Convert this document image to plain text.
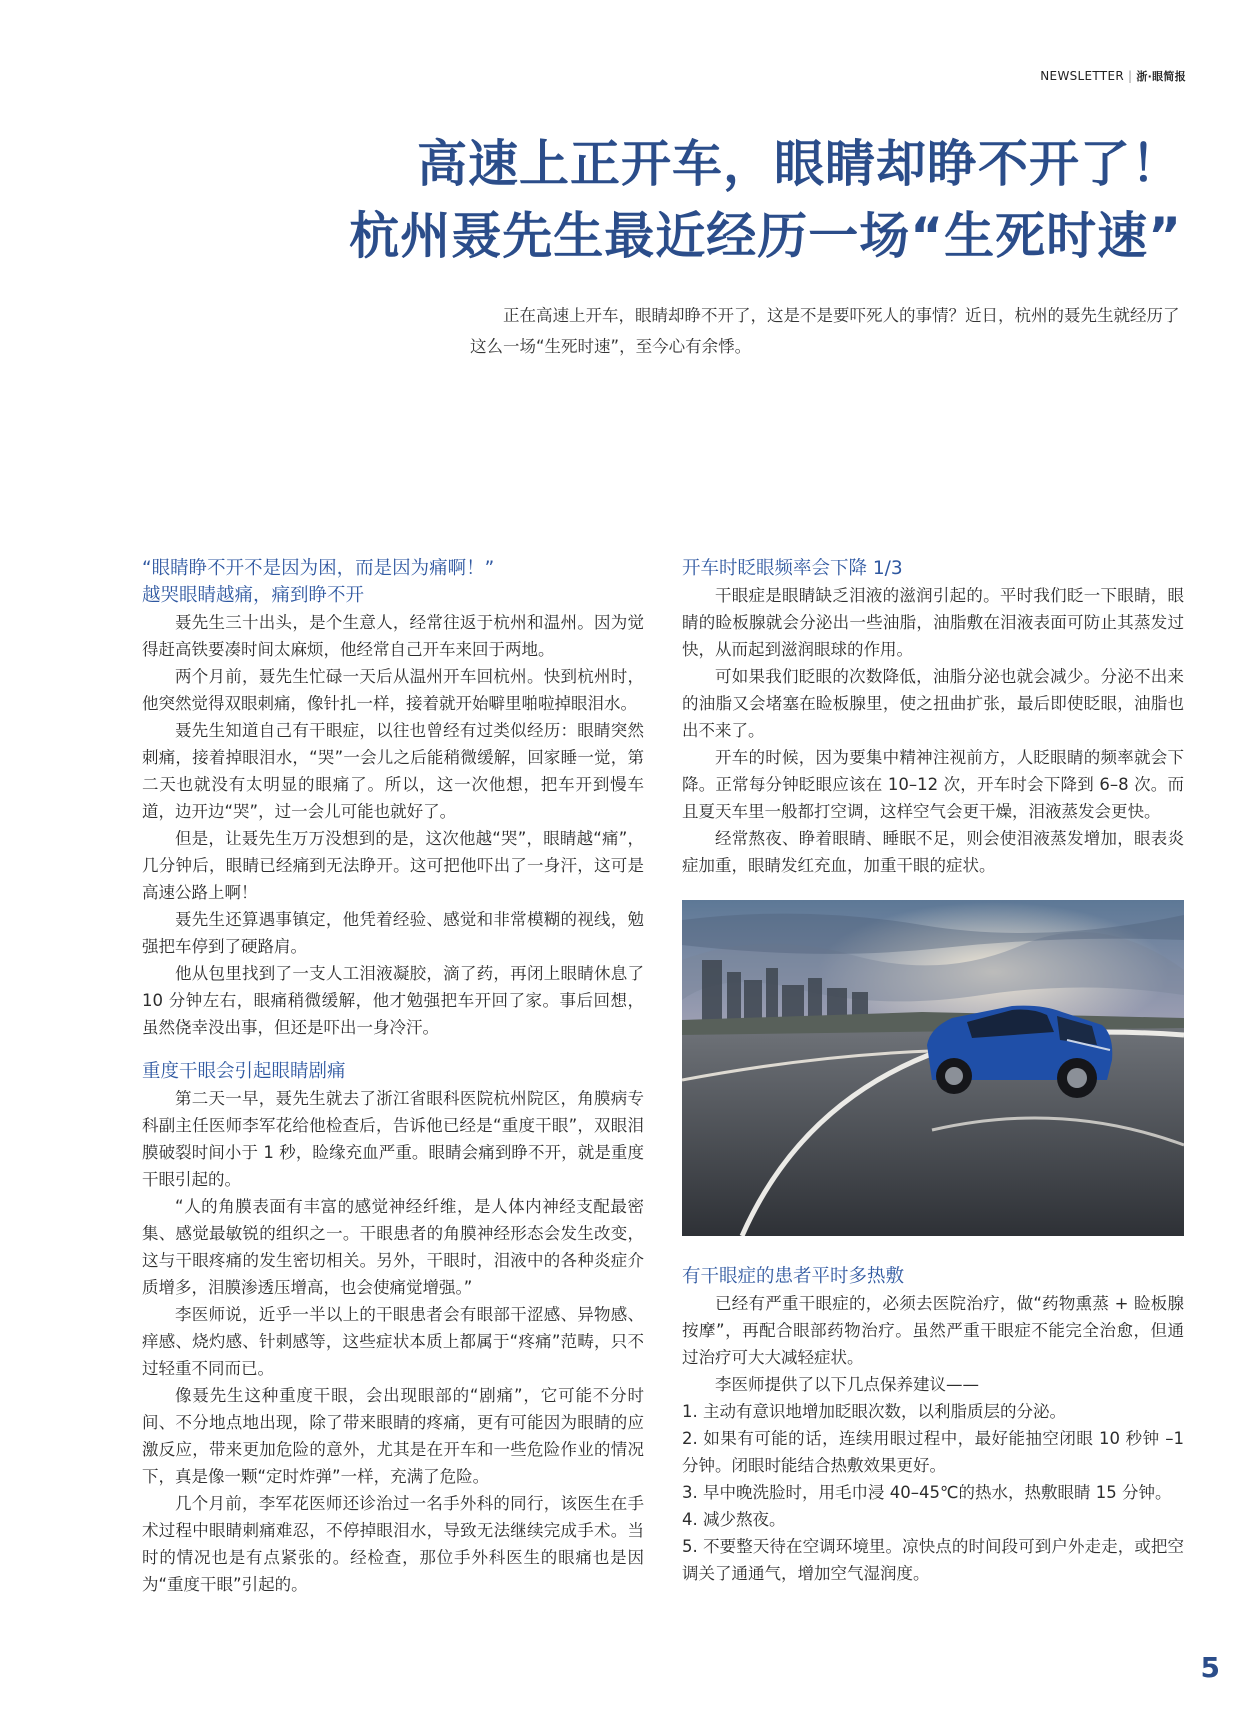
NEWSLETTER | 浙·眼简报
高速上正开车，眼睛却睁不开了！
杭州聂先生最近经历一场“生死时速”

正在高速上开车，眼睛却睁不开了，这是不是要吓死人的事情？近日，杭州的聂先生就经历了这么一场“生死时速”，至今心有余悸。

“眼睛睁不开不是因为困，而是因为痛啊！”
越哭眼睛越痛，痛到睁不开

聂先生三十出头，是个生意人，经常往返于杭州和温州。因为觉得赶高铁要凑时间太麻烦，他经常自己开车来回于两地。

两个月前，聂先生忙碌一天后从温州开车回杭州。快到杭州时，他突然觉得双眼刺痛，像针扎一样，接着就开始噼里啪啦掉眼泪水。

聂先生知道自己有干眼症，以往也曾经有过类似经历：眼睛突然刺痛，接着掉眼泪水，“哭”一会儿之后能稍微缓解，回家睡一觉，第二天也就没有太明显的眼痛了。所以，这一次他想，把车开到慢车道，边开边“哭”，过一会儿可能也就好了。

但是，让聂先生万万没想到的是，这次他越“哭”，眼睛越“痛”，几分钟后，眼睛已经痛到无法睁开。这可把他吓出了一身汗，这可是高速公路上啊！

聂先生还算遇事镇定，他凭着经验、感觉和非常模糊的视线，勉强把车停到了硬路肩。

他从包里找到了一支人工泪液凝胶，滴了药，再闭上眼睛休息了 10 分钟左右，眼痛稍微缓解，他才勉强把车开回了家。事后回想，虽然侥幸没出事，但还是吓出一身冷汗。

重度干眼会引起眼睛剧痛

第二天一早，聂先生就去了浙江省眼科医院杭州院区，角膜病专科副主任医师李军花给他检查后，告诉他已经是“重度干眼”，双眼泪膜破裂时间小于 1 秒，睑缘充血严重。眼睛会痛到睁不开，就是重度干眼引起的。

“人的角膜表面有丰富的感觉神经纤维，是人体内神经支配最密集、感觉最敏锐的组织之一。干眼患者的角膜神经形态会发生改变，这与干眼疼痛的发生密切相关。另外，干眼时，泪液中的各种炎症介质增多，泪膜渗透压增高，也会使痛觉增强。”

李医师说，近乎一半以上的干眼患者会有眼部干涩感、异物感、痒感、烧灼感、针刺感等，这些症状本质上都属于“疼痛”范畴，只不过轻重不同而已。

像聂先生这种重度干眼，会出现眼部的“剧痛”，它可能不分时间、不分地点地出现，除了带来眼睛的疼痛，更有可能因为眼睛的应激反应，带来更加危险的意外，尤其是在开车和一些危险作业的情况下，真是像一颗“定时炸弹”一样，充满了危险。

几个月前，李军花医师还诊治过一名手外科的同行，该医生在手术过程中眼睛刺痛难忍，不停掉眼泪水，导致无法继续完成手术。当时的情况也是有点紧张的。经检查，那位手外科医生的眼痛也是因为“重度干眼”引起的。

开车时眨眼频率会下降 1/3

干眼症是眼睛缺乏泪液的滋润引起的。平时我们眨一下眼睛，眼睛的睑板腺就会分泌出一些油脂，油脂敷在泪液表面可防止其蒸发过快，从而起到滋润眼球的作用。

可如果我们眨眼的次数降低，油脂分泌也就会减少。分泌不出来的油脂又会堵塞在睑板腺里，使之扭曲扩张，最后即使眨眼，油脂也出不来了。

开车的时候，因为要集中精神注视前方，人眨眼睛的频率就会下降。正常每分钟眨眼应该在 10–12 次，开车时会下降到 6–8 次。而且夏天车里一般都打空调，这样空气会更干燥，泪液蒸发会更快。

经常熬夜、睁着眼睛、睡眠不足，则会使泪液蒸发增加，眼表炎症加重，眼睛发红充血，加重干眼的症状。

有干眼症的患者平时多热敷

已经有严重干眼症的，必须去医院治疗，做“药物熏蒸 + 睑板腺按摩”，再配合眼部药物治疗。虽然严重干眼症不能完全治愈，但通过治疗可大大减轻症状。

李医师提供了以下几点保养建议——

1. 主动有意识地增加眨眼次数，以利脂质层的分泌。

2. 如果有可能的话，连续用眼过程中，最好能抽空闭眼 10 秒钟 –1 分钟。闭眼时能结合热敷效果更好。

3. 早中晚洗脸时，用毛巾浸 40–45℃的热水，热敷眼睛 15 分钟。

4. 减少熬夜。

5. 不要整天待在空调环境里。凉快点的时间段可到户外走走，或把空调关了通通气，增加空气湿润度。

5
